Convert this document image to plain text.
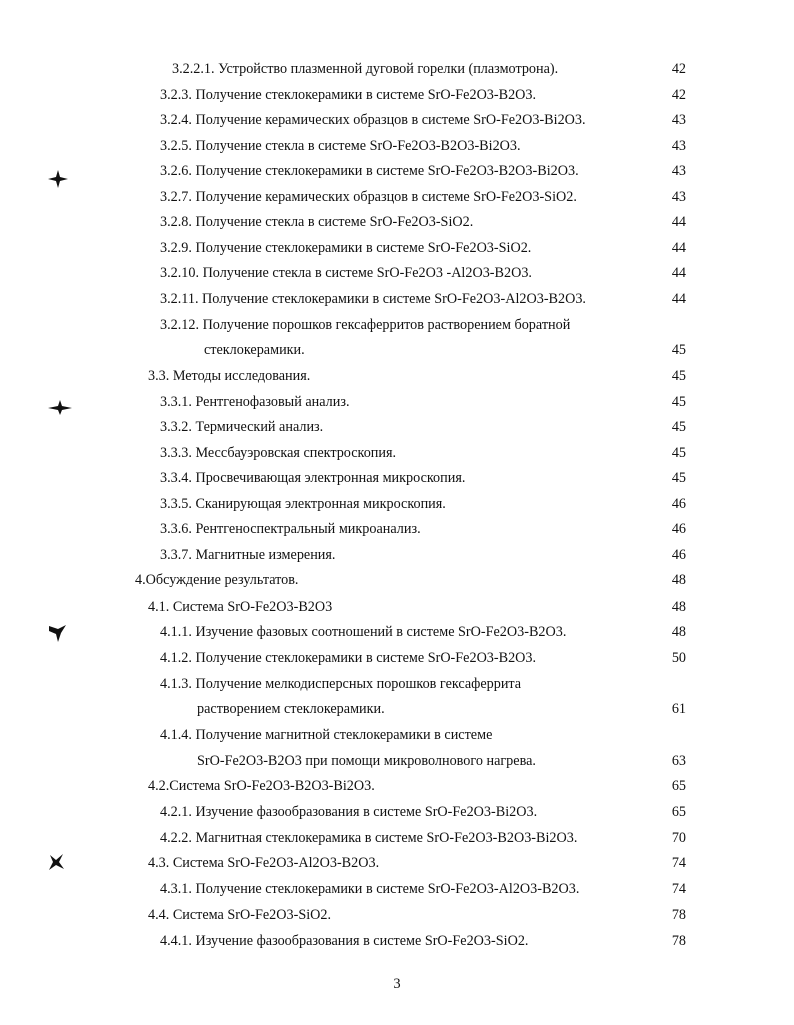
3.2.2.1. Устройство плазменной дуговой горелки (плазмотрона).	42
3.2.3. Получение стеклокерамики в системе SrO-Fe2O3-B2O3.	42
3.2.4. Получение керамических образцов в системе SrO-Fe2O3-Bi2O3.	43
3.2.5. Получение стекла в системе SrO-Fe2O3-B2O3-Bi2O3.	43
3.2.6. Получение стеклокерамики в системе SrO-Fe2O3-B2O3-Bi2O3.	43
3.2.7. Получение керамических образцов в системе SrO-Fe2O3-SiO2.	43
3.2.8. Получение стекла в системе SrO-Fe2O3-SiO2.	44
3.2.9. Получение стеклокерамики в системе SrO-Fe2O3-SiO2.	44
3.2.10. Получение стекла в системе SrO-Fe2O3 -Al2O3-B2O3.	44
3.2.11. Получение стеклокерамики в системе SrO-Fe2O3-Al2O3-B2O3.	44
3.2.12. Получение порошков гексаферритов растворением боратной
стеклокерамики.	45
3.3. Методы исследования.	45
3.3.1. Рентгенофазовый анализ.	45
3.3.2. Термический анализ.	45
3.3.3. Мессбауэровская спектроскопия.	45
3.3.4. Просвечивающая электронная микроскопия.	45
3.3.5. Сканирующая электронная микроскопия.	46
3.3.6. Рентгеноспектральный микроанализ.	46
3.3.7. Магнитные измерения.	46
4.Обсуждение результатов.	48
4.1. Система SrO-Fe2O3-B2O3	48
4.1.1. Изучение фазовых соотношений в системе SrO-Fe2O3-B2O3.	48
4.1.2. Получение стеклокерамики в системе SrO-Fe2O3-B2O3.	50
4.1.3. Получение мелкодисперсных порошков гексаферрита
растворением стеклокерамики.	61
4.1.4. Получение магнитной стеклокерамики в системе
SrO-Fe2O3-B2O3 при помощи микроволнового нагрева.	63
4.2.Система SrO-Fe2O3-B2O3-Bi2O3.	65
4.2.1. Изучение фазообразования в системе SrO-Fe2O3-Bi2O3.	65
4.2.2. Магнитная стеклокерамика в системе SrO-Fe2O3-B2O3-Bi2O3.	70
4.3. Система SrO-Fe2O3-Al2O3-B2O3.	74
4.3.1. Получение стеклокерамики в системе SrO-Fe2O3-Al2O3-B2O3.	74
4.4. Система SrO-Fe2O3-SiO2.	78
4.4.1. Изучение фазообразования в системе SrO-Fe2O3-SiO2.	78
3
